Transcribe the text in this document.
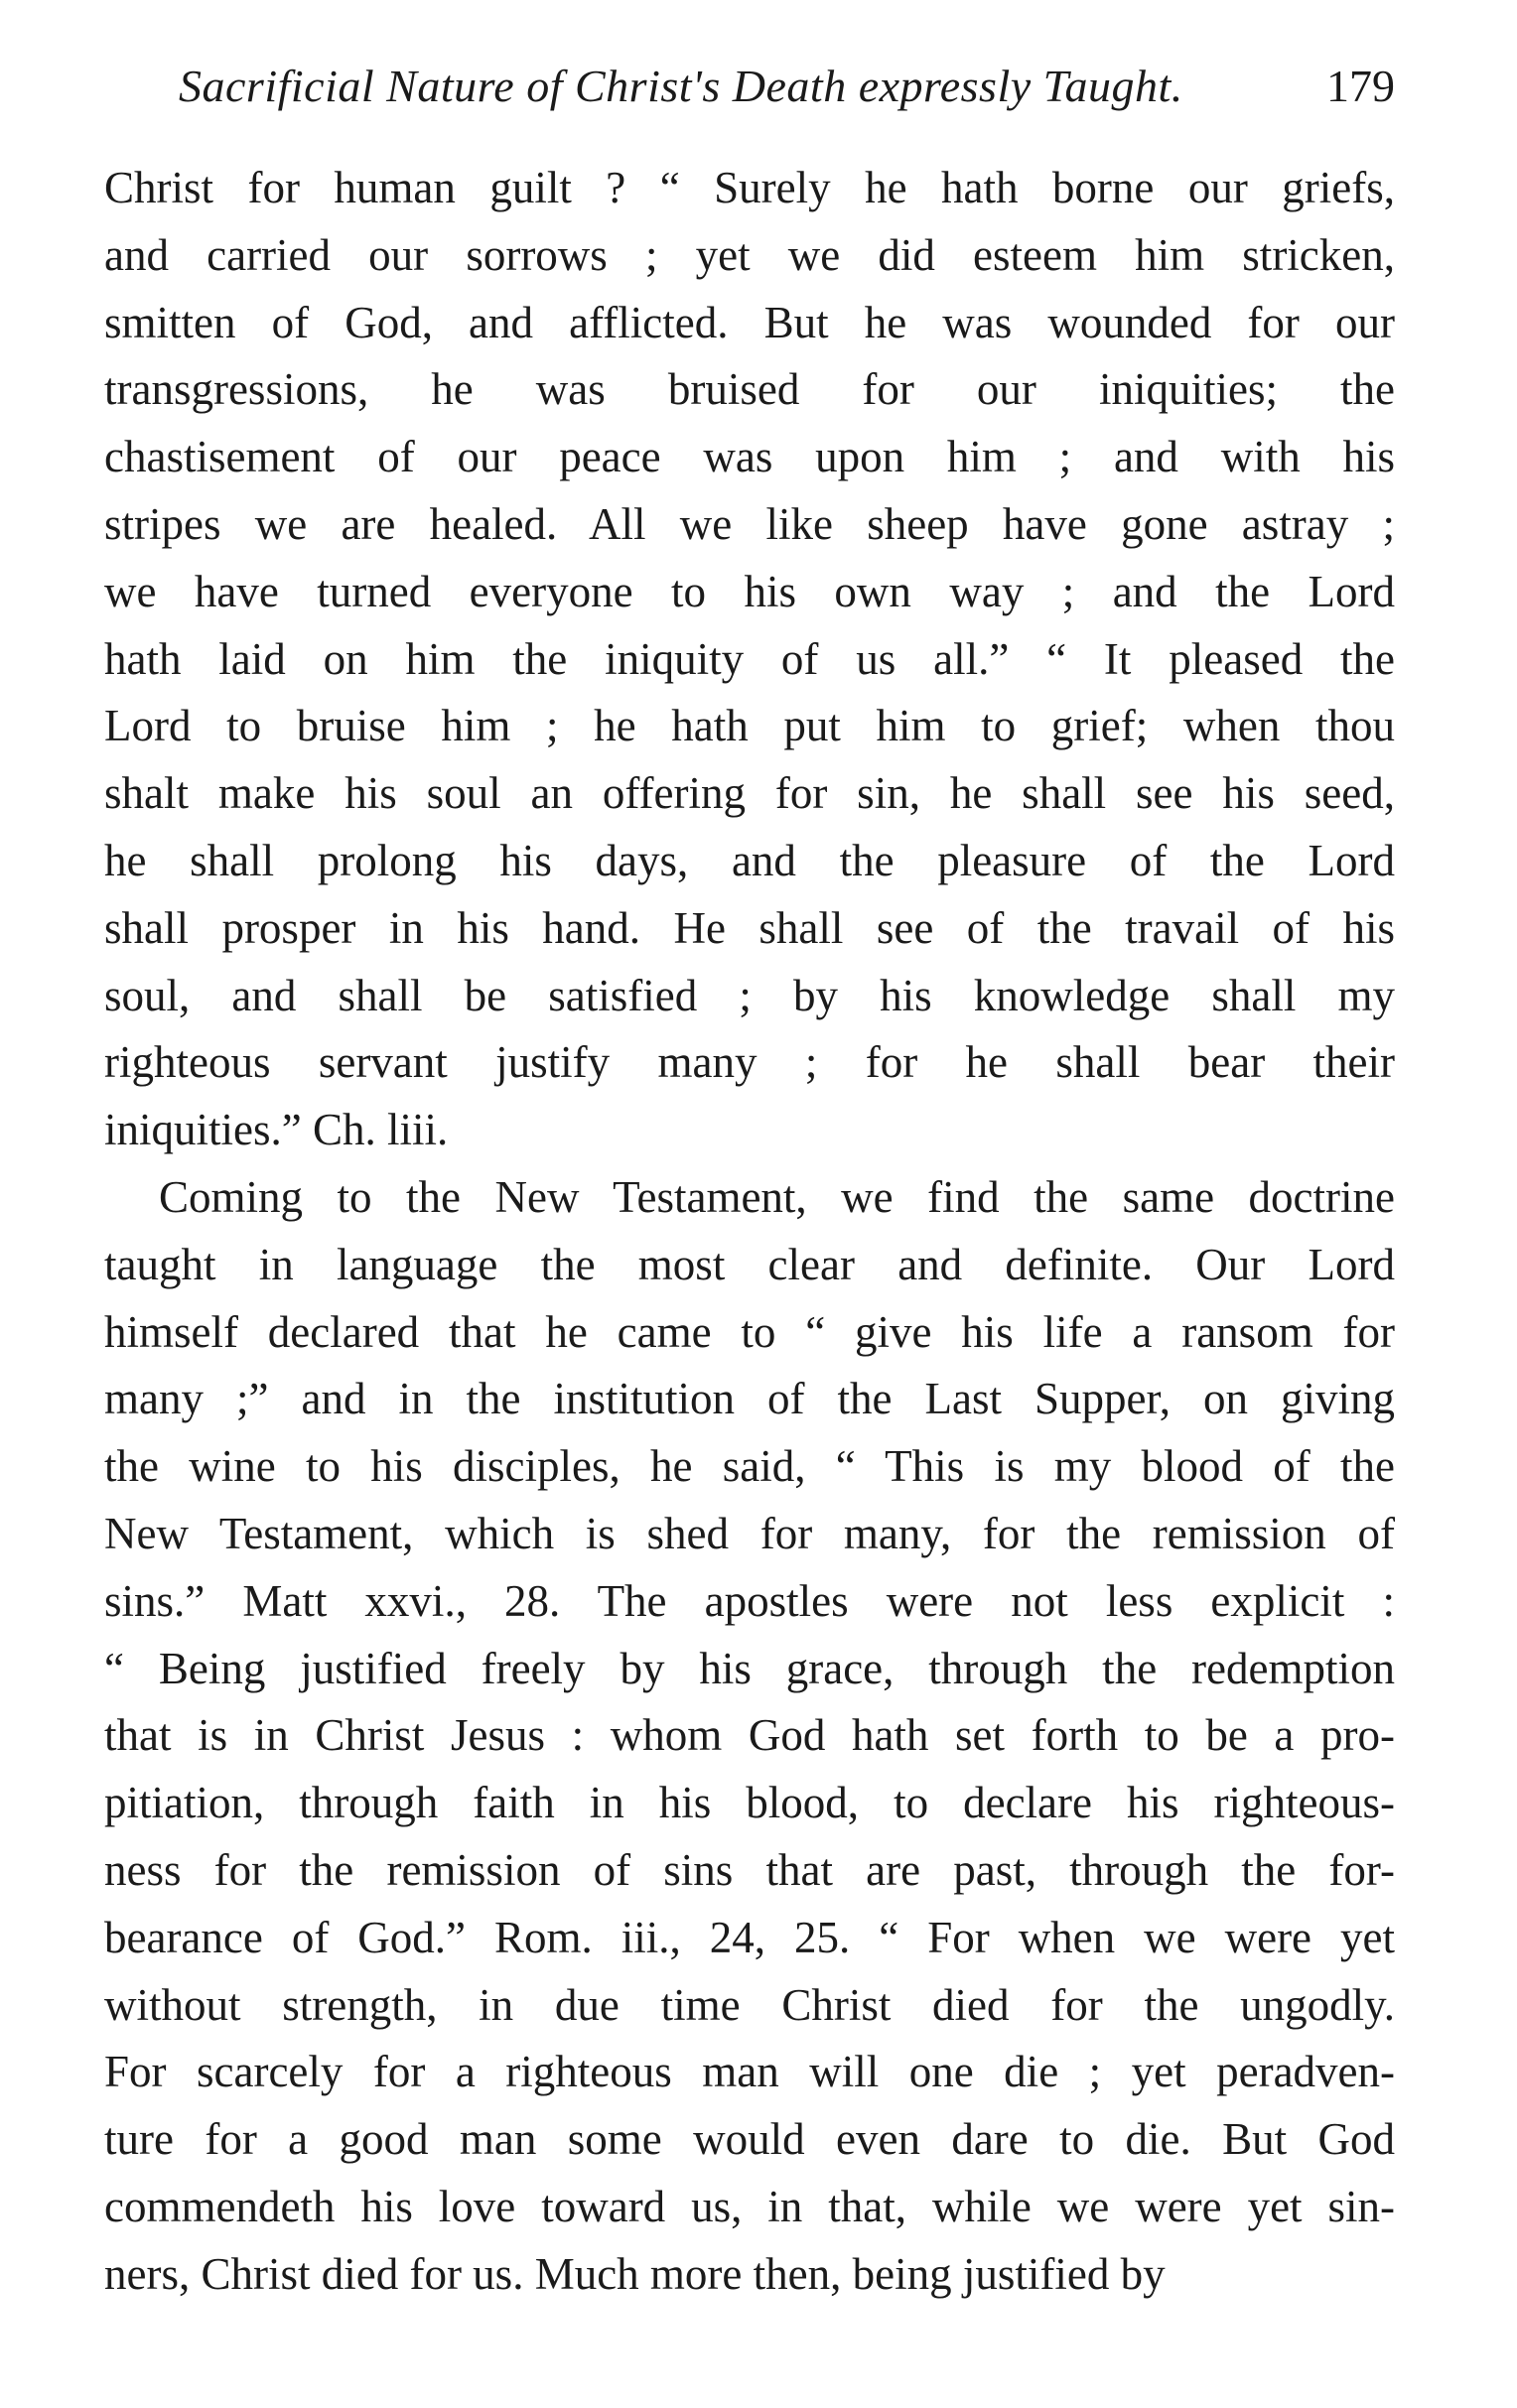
Sacrificial Nature of Christ's Death expressly Taught.	179
Christ for human guilt ? “ Surely he hath borne our griefs,
and carried our sorrows ; yet we did esteem him stricken,
smitten of God, and afflicted. But he was wounded for our
transgressions, he was bruised for our iniquities; the
chastisement of our peace was upon him ; and with his
stripes we are healed. All we like sheep have gone astray ;
we have turned everyone to his own way ; and the Lord
hath laid on him the iniquity of us all.” “ It pleased the
Lord to bruise him ; he hath put him to grief; when thou
shalt make his soul an offering for sin, he shall see his seed,
he shall prolong his days, and the pleasure of the Lord
shall prosper in his hand. He shall see of the travail of his
soul, and shall be satisfied ; by his knowledge shall my
righteous servant justify many ; for he shall bear their
iniquities.” Ch. liii.
Coming to the New Testament, we find the same doctrine
taught in language the most clear and definite. Our Lord
himself declared that he came to “ give his life a ransom for
many ;” and in the institution of the Last Supper, on giving
the wine to his disciples, he said, “ This is my blood of the
New Testament, which is shed for many, for the remission of
sins.” Matt xxvi., 28. The apostles were not less explicit :
“ Being justified freely by his grace, through the redemption
that is in Christ Jesus : whom God hath set forth to be a pro-
pitiation, through faith in his blood, to declare his righteous-
ness for the remission of sins that are past, through the for-
bearance of God.” Rom. iii., 24, 25. “ For when we were yet
without strength, in due time Christ died for the ungodly.
For scarcely for a righteous man will one die ; yet peradven-
ture for a good man some would even dare to die. But God
commendeth his love toward us, in that, while we were yet sin-
ners, Christ died for us. Much more then, being justified by
